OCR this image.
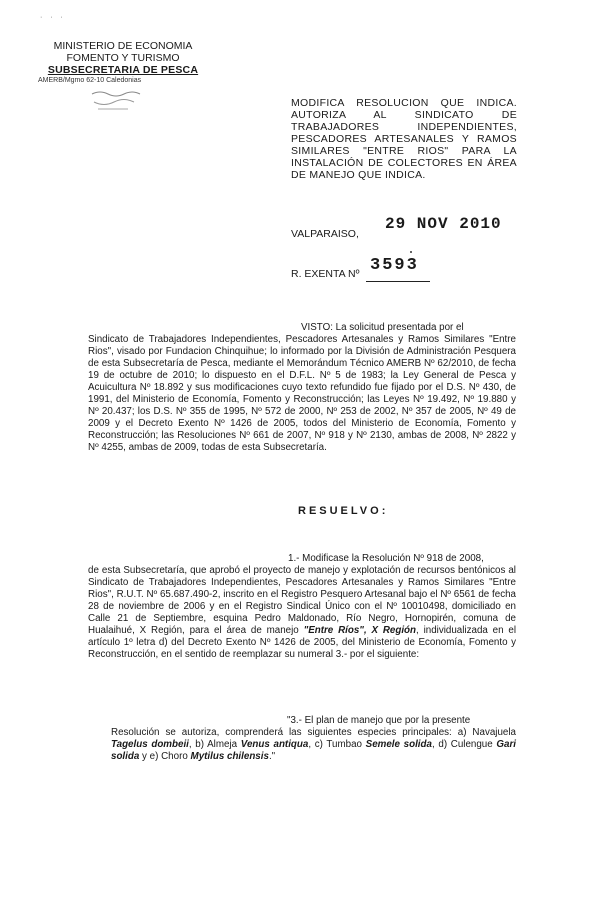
· · ·
MINISTERIO DE ECONOMIA
FOMENTO Y TURISMO
SUBSECRETARIA DE PESCA
AMERB/Mgmo 62-10 Caledonias
MODIFICA RESOLUCION QUE INDICA. AUTORIZA AL SINDICATO DE TRABAJADORES INDEPENDIENTES, PESCADORES ARTESANALES Y RAMOS SIMILARES "ENTRE RIOS" PARA LA INSTALACIÓN DE COLECTORES EN ÁREA DE MANEJO QUE INDICA.
VALPARAISO,
29 NOV 2010
R. EXENTA Nº 3593
VISTO: La solicitud presentada por el
Sindicato de Trabajadores Independientes, Pescadores Artesanales y Ramos Similares "Entre Rios", visado por Fundacion Chinquihue; lo informado por la División de Administración Pesquera de esta Subsecretaría de Pesca, mediante el Memorándum Técnico AMERB Nº 62/2010, de fecha 19 de octubre de 2010; lo dispuesto en el D.F.L. Nº 5 de 1983; la Ley General de Pesca y Acuicultura Nº 18.892 y sus modificaciones cuyo texto refundido fue fijado por el D.S. Nº 430, de 1991, del Ministerio de Economía, Fomento y Reconstrucción; las Leyes Nº 19.492, Nº 19.880 y Nº 20.437; los D.S. Nº 355 de 1995, Nº 572 de 2000, Nº 253 de 2002, Nº 357 de 2005, Nº 49 de 2009 y el Decreto Exento Nº 1426 de 2005, todos del Ministerio de Economía, Fomento y Reconstrucción; las Resoluciones Nº 661 de 2007, Nº 918 y Nº 2130, ambas de 2008, Nº 2822 y Nº 4255, ambas de 2009, todas de esta Subsecretaría.
RESUELVO:
1.- Modificase la Resolución Nº 918 de 2008,
de esta Subsecretaría, que aprobó el proyecto de manejo y explotación de recursos bentónicos al Sindicato de Trabajadores Independientes, Pescadores Artesanales y Ramos Similares "Entre Rios", R.U.T. Nº 65.687.490-2, inscrito en el Registro Pesquero Artesanal bajo el Nº 6561 de fecha 28 de noviembre de 2006 y en el Registro Sindical Único con el Nº 10010498, domiciliado en Calle 21 de Septiembre, esquina Pedro Maldonado, Río Negro, Hornopirén, comuna de Hualaihué, X Región, para el área de manejo "Entre Ríos", X Región, individualizada en el artículo 1º letra d) del Decreto Exento Nº 1426 de 2005, del Ministerio de Economía, Fomento y Reconstrucción, en el sentido de reemplazar su numeral 3.- por el siguiente:
"3.- El plan de manejo que por la presente
Resolución se autoriza, comprenderá las siguientes especies principales: a) Navajuela Tagelus dombeii, b) Almeja Venus antiqua, c) Tumbao Semele solida, d) Culengue Gari solida y e) Choro Mytilus chilensis."
